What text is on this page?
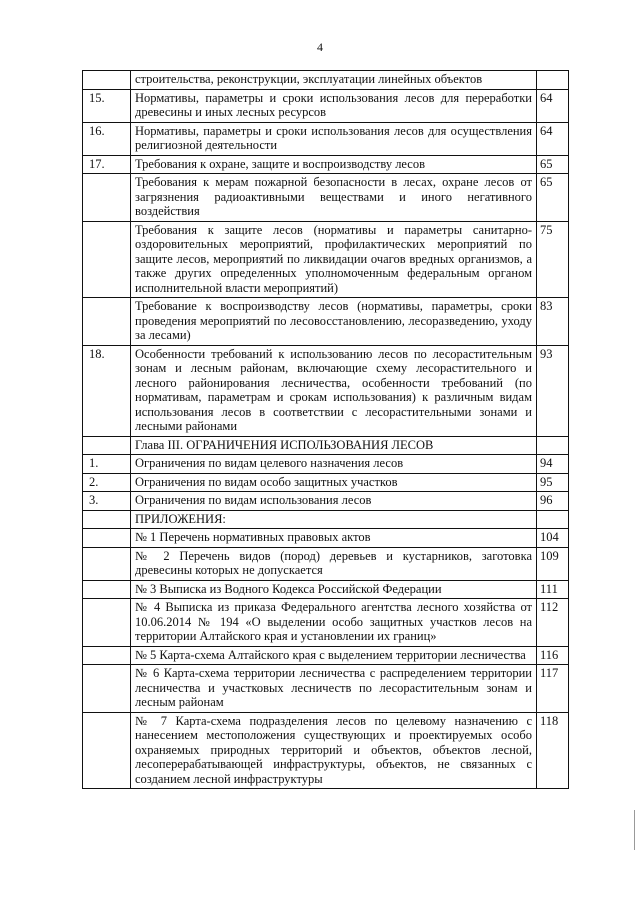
4
	строительства, реконструкции, эксплуатации линейных объектов	
15.	Нормативы, параметры и сроки использования лесов для переработки древесины и иных лесных ресурсов	64
16.	Нормативы, параметры и сроки использования лесов для осуществления религиозной деятельности	64
17.	Требования к охране, защите и воспроизводству лесов	65
	Требования к мерам пожарной безопасности в лесах, охране лесов от загрязнения радиоактивными веществами и иного негативного воздействия	65
	Требования к защите лесов (нормативы и параметры санитарно-оздоровительных мероприятий, профилактических мероприятий по защите лесов, мероприятий по ликвидации очагов вредных организмов, а также других определенных уполномоченным федеральным органом исполнительной власти мероприятий)	75
	Требование к воспроизводству лесов (нормативы, параметры, сроки проведения мероприятий по лесовосстановлению, лесоразведению, уходу за лесами)	83
18.	Особенности требований к использованию лесов по лесорастительным зонам и лесным районам, включающие схему лесорастительного и лесного районирования лесничества, особенности требований (по нормативам, параметрам и срокам использования) к различным видам использования лесов в соответствии с лесорастительными зонами и лесными районами	93
	Глава III. ОГРАНИЧЕНИЯ ИСПОЛЬЗОВАНИЯ ЛЕСОВ	
1.	Ограничения по видам целевого назначения лесов	94
2.	Ограничения по видам особо защитных участков	95
3.	Ограничения по видам использования лесов	96
	ПРИЛОЖЕНИЯ:	
	№ 1 Перечень нормативных правовых актов	104
	№ 2 Перечень видов (пород) деревьев и кустарников, заготовка древесины которых не допускается	109
	№ 3 Выписка из Водного Кодекса Российской Федерации	111
	№ 4 Выписка из приказа Федерального агентства лесного хозяйства от 10.06.2014 № 194 «О выделении особо защитных участков лесов на территории Алтайского края и установлении их границ»	112
	№ 5 Карта-схема Алтайского края с выделением территории лесничества	116
	№ 6 Карта-схема территории лесничества с распределением территории лесничества и участковых лесничеств по лесорастительным зонам и лесным районам	117
	№ 7 Карта-схема подразделения лесов по целевому назначению с нанесением местоположения существующих и проектируемых особо охраняемых природных территорий и объектов, объектов лесной, лесоперерабатывающей инфраструктуры, объектов, не связанных с созданием лесной инфраструктуры	118
